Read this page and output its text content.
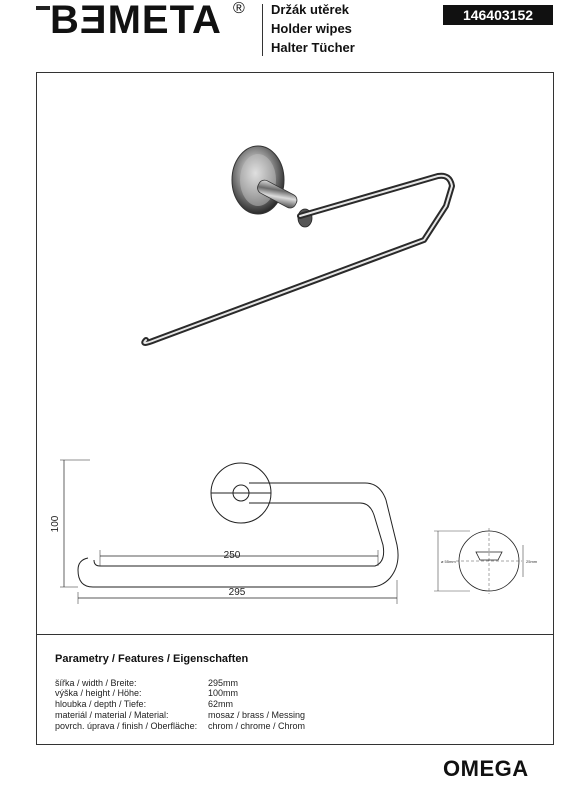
BƎMETA ® Držák utěrek
Holder wipes
Halter Tücher
146403152
100
250
295
ø 55mm	25mm
Parametry / Features / Eigenschaften
šířka / width / Breite:	295mm
výška / height / Höhe:	100mm
hloubka / depth / Tiefe:	62mm
materiál / material / Material:	mosaz / brass / Messing
povrch. úprava / finish / Oberfläche: chrom / chrome / Chrom
OMEGA
